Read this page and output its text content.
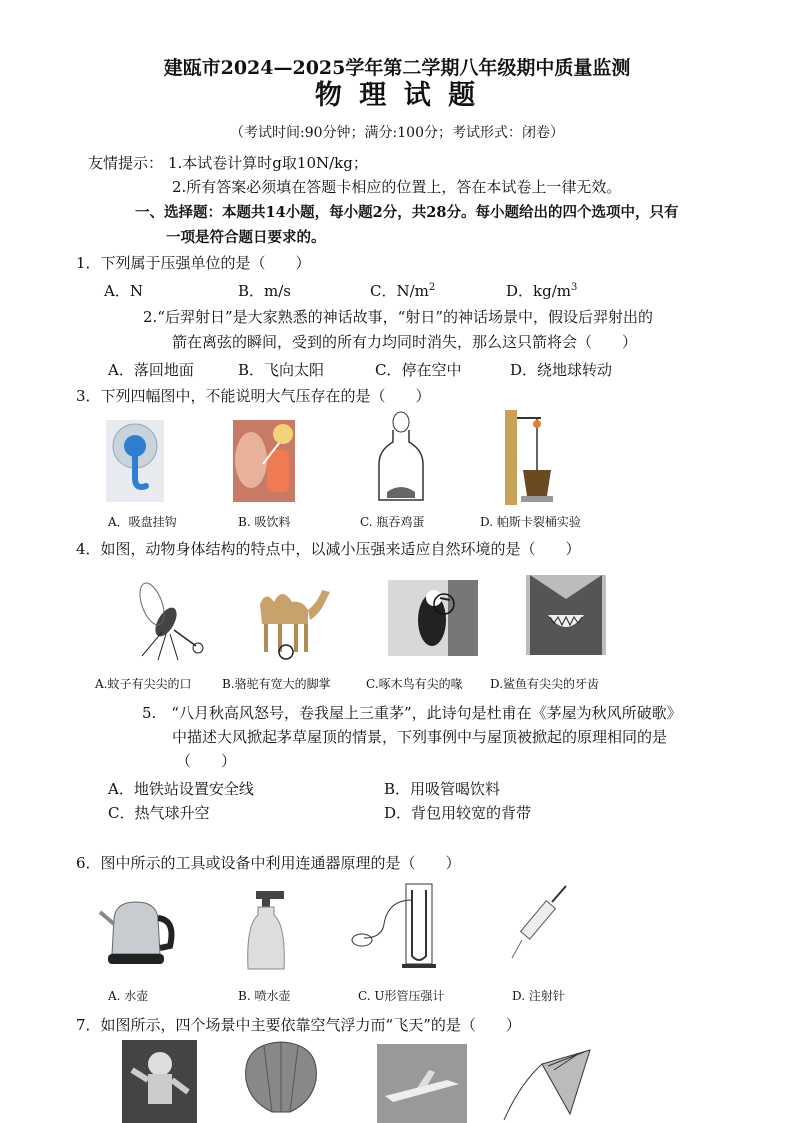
建瓯市2024—2025学年第二学期八年级期中质量监测
物 理 试 题
（考试时间:90分钟；满分:100分；考试形式：闭卷）
友情提示： 1.本试卷计算时g取10N/kg；
2.所有答案必须填在答题卡相应的位置上，答在本试卷上一律无效。
一、选择题：本题共14小题，每小题2分，共28分。每小题给出的四个选项中，只有
一项是符合题日要求的。
1．下列属于压强单位的是（　　）
A．N	B．m/s	C．$N/m^2$	D．$kg/m^3$
2.“后羿射日”是大家熟悉的神话故事，“射日”的神话场景中，假设后羿射出的
箭在离弦的瞬间，受到的所有力均同时消失，那么这只箭将会（　　）
A．落回地面	B．飞向太阳	C．停在空中	D．绕地球转动
3．下列四幅图中，不能说明大气压存在的是（　　）
A．吸盘挂钩	B. 吸饮料	C. 瓶吞鸡蛋	D. 帕斯卡裂桶实验
4．如图，动物身体结构的特点中，以减小压强来适应自然环境的是（　　）
A.蚊子有尖尖的口	B.骆驼有宽大的脚掌	C.啄木鸟有尖的喙 D.鲨鱼有尖尖的牙齿
5.　“八月秋高风怒号，卷我屋上三重茅”，此诗句是杜甫在《茅屋为秋风所破歌》
中描述大风掀起茅草屋顶的情景，下列事例中与屋顶被掀起的原理相同的是
（　　）
A．地铁站设置安全线	B．用吸管喝饮料
C．热气球升空	D．背包用较宽的背带
6．图中所示的工具或设备中利用连通器原理的是（　　）
A. 水壶	B. 喷水壶	C. U形管压强计	D. 注射针
7．如图所示，四个场景中主要依靠空气浮力而“飞天”的是（　　）
